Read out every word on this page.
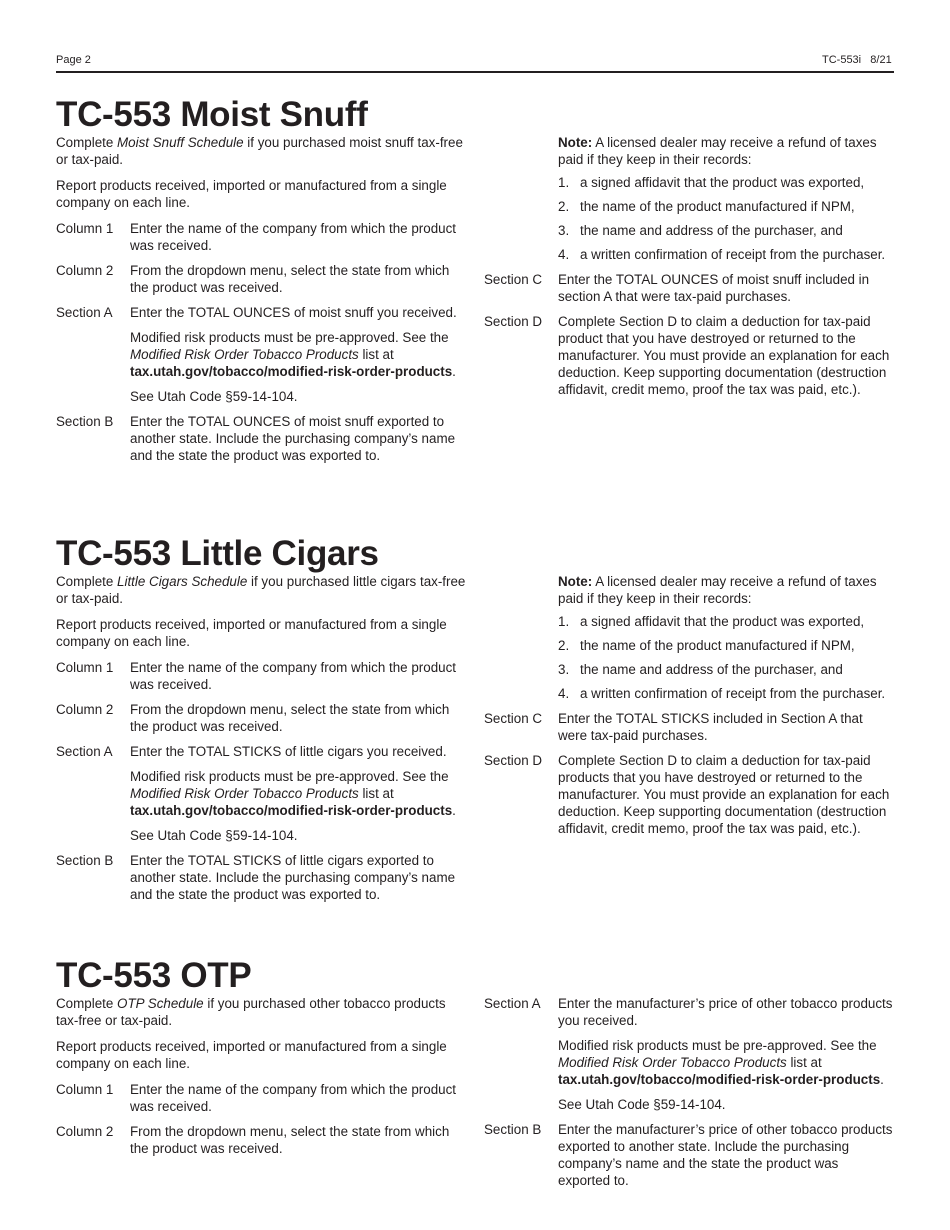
Page 2	TC-553i   8/21
TC-553 Moist Snuff

Complete Moist Snuff Schedule if you purchased moist snuff tax-free or tax-paid.

Report products received, imported or manufactured from a single company on each line.

Column 1	Enter the name of the company from which the product was received.
Column 2	From the dropdown menu, select the state from which the product was received.
Section A	Enter the TOTAL OUNCES of moist snuff you received.
Modified risk products must be pre-approved. See the Modified Risk Order Tobacco Products list at tax.utah.gov/tobacco/modified-risk-order-products.
See Utah Code §59-14-104.
Section B	Enter the TOTAL OUNCES of moist snuff exported to another state. Include the purchasing company’s name and the state the product was exported to.

Note: A licensed dealer may receive a refund of taxes paid if they keep in their records:

1. a signed affidavit that the product was exported,
2. the name of the product manufactured if NPM,
3. the name and address of the purchaser, and
4. a written confirmation of receipt from the purchaser.
Section C	Enter the TOTAL OUNCES of moist snuff included in section A that were tax-paid purchases.
Section D	Complete Section D to claim a deduction for tax-paid product that you have destroyed or returned to the manufacturer. You must provide an explanation for each deduction. Keep supporting documentation (destruction affidavit, credit memo, proof the tax was paid, etc.).
TC-553 Little Cigars

Complete Little Cigars Schedule if you purchased little cigars tax-free or tax-paid.

Report products received, imported or manufactured from a single company on each line.

Column 1	Enter the name of the company from which the product was received.
Column 2	From the dropdown menu, select the state from which the product was received.
Section A	Enter the TOTAL STICKS of little cigars you received.
Modified risk products must be pre-approved. See the Modified Risk Order Tobacco Products list at tax.utah.gov/tobacco/modified-risk-order-products.
See Utah Code §59-14-104.
Section B	Enter the TOTAL STICKS of little cigars exported to another state. Include the purchasing company’s name and the state the product was exported to.

Note: A licensed dealer may receive a refund of taxes paid if they keep in their records:

1. a signed affidavit that the product was exported,
2. the name of the product manufactured if NPM,
3. the name and address of the purchaser, and
4. a written confirmation of receipt from the purchaser.
Section C	Enter the TOTAL STICKS included in Section A that were tax-paid purchases.
Section D	Complete Section D to claim a deduction for tax-paid products that you have destroyed or returned to the manufacturer. You must provide an explanation for each deduction. Keep supporting documentation (destruction affidavit, credit memo, proof the tax was paid, etc.).
TC-553 OTP

Complete OTP Schedule if you purchased other tobacco products tax-free or tax-paid.

Report products received, imported or manufactured from a single company on each line.

Column 1	Enter the name of the company from which the product was received.
Column 2	From the dropdown menu, select the state from which the product was received.
Section A	Enter the manufacturer’s price of other tobacco products you received.
Modified risk products must be pre-approved. See the Modified Risk Order Tobacco Products list at tax.utah.gov/tobacco/modified-risk-order-products.
See Utah Code §59-14-104.
Section B	Enter the manufacturer’s price of other tobacco products exported to another state. Include the purchasing company’s name and the state the product was exported to.
